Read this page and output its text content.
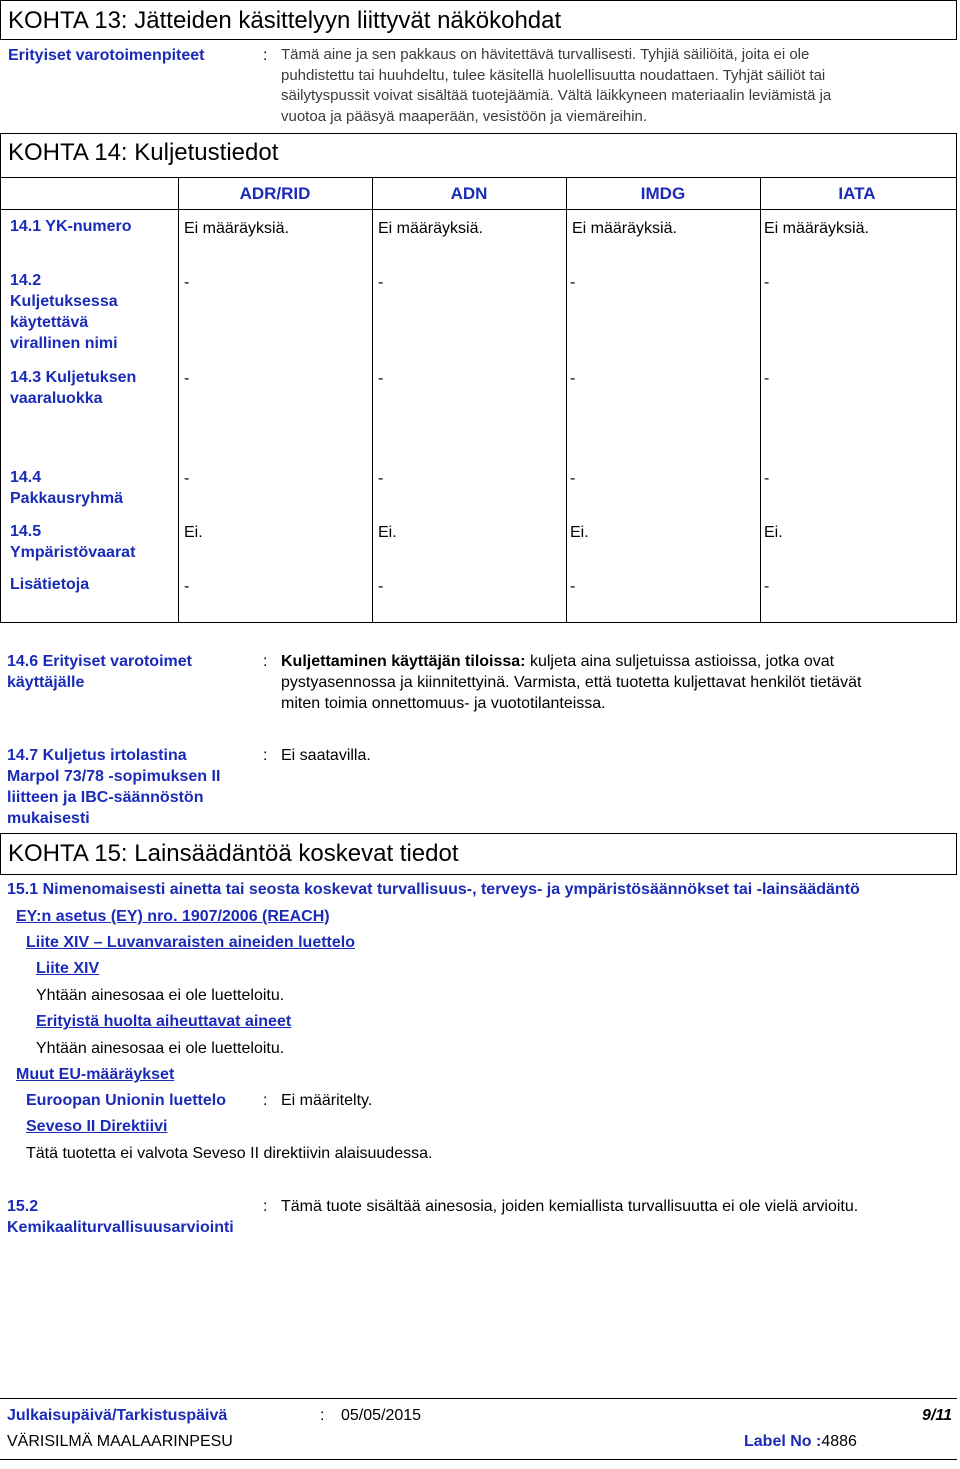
KOHTA 13: Jätteiden käsittelyyn liittyvät näkökohdat
Erityiset varotoimenpiteet	: Tämä aine ja sen pakkaus on hävitettävä turvallisesti. Tyhjiä säiliöitä, joita ei ole
puhdistettu tai huuhdeltu, tulee käsitellä huolellisuutta noudattaen. Tyhjät säiliöt tai
säilytyspussit voivat sisältää tuotejäämiä. Vältä läikkyneen materiaalin leviämistä ja
vuotoa ja pääsyä maaperään, vesistöön ja viemäreihin.
KOHTA 14: Kuljetustiedot
ADR/RID	ADN	IMDG	IATA
14.1 YK-numero	Ei määräyksiä.	Ei määräyksiä.	Ei määräyksiä.	Ei määräyksiä.
14.2
Kuljetuksessa
käytettävä
virallinen nimi
-	-	-	-
14.3 Kuljetuksen
vaaraluokka
-	-	-	-
14.4
Pakkausryhmä
-	-	-	-
14.5
Ympäristövaarat
Ei.	Ei.	Ei.	Ei.
Lisätietoja	-	-	-	-
14.6 Erityiset varotoimet
käyttäjälle
: Kuljettaminen käyttäjän tiloissa: kuljeta aina suljetuissa astioissa, jotka ovat
pystyasennossa ja kiinnitettyinä. Varmista, että tuotetta kuljettavat henkilöt tietävät
miten toimia onnettomuus- ja vuototilanteissa.
14.7 Kuljetus irtolastina
Marpol 73/78 -sopimuksen II
liitteen ja IBC-säännöstön
mukaisesti
: Ei saatavilla.
KOHTA 15: Lainsäädäntöä koskevat tiedot
15.1 Nimenomaisesti ainetta tai seosta koskevat turvallisuus-, terveys- ja ympäristösäännökset tai -lainsäädäntö
EY:n asetus (EY) nro. 1907/2006 (REACH)
Liite XIV – Luvanvaraisten aineiden luettelo
Liite XIV
Yhtään ainesosaa ei ole luetteloitu.
Erityistä huolta aiheuttavat aineet
Yhtään ainesosaa ei ole luetteloitu.
Muut EU-määräykset
Euroopan Unionin luettelo : Ei määritelty.
Seveso II Direktiivi
Tätä tuotetta ei valvota Seveso II direktiivin alaisuudessa.
15.2
Kemikaaliturvallisuusarviointi
: Tämä tuote sisältää ainesosia, joiden kemiallista turvallisuutta ei ole vielä arvioitu.
Julkaisupäivä/Tarkistuspäivä	: 05/05/2015	9/11
VÄRISILMÄ MAALAARINPESU	Label No :4886
